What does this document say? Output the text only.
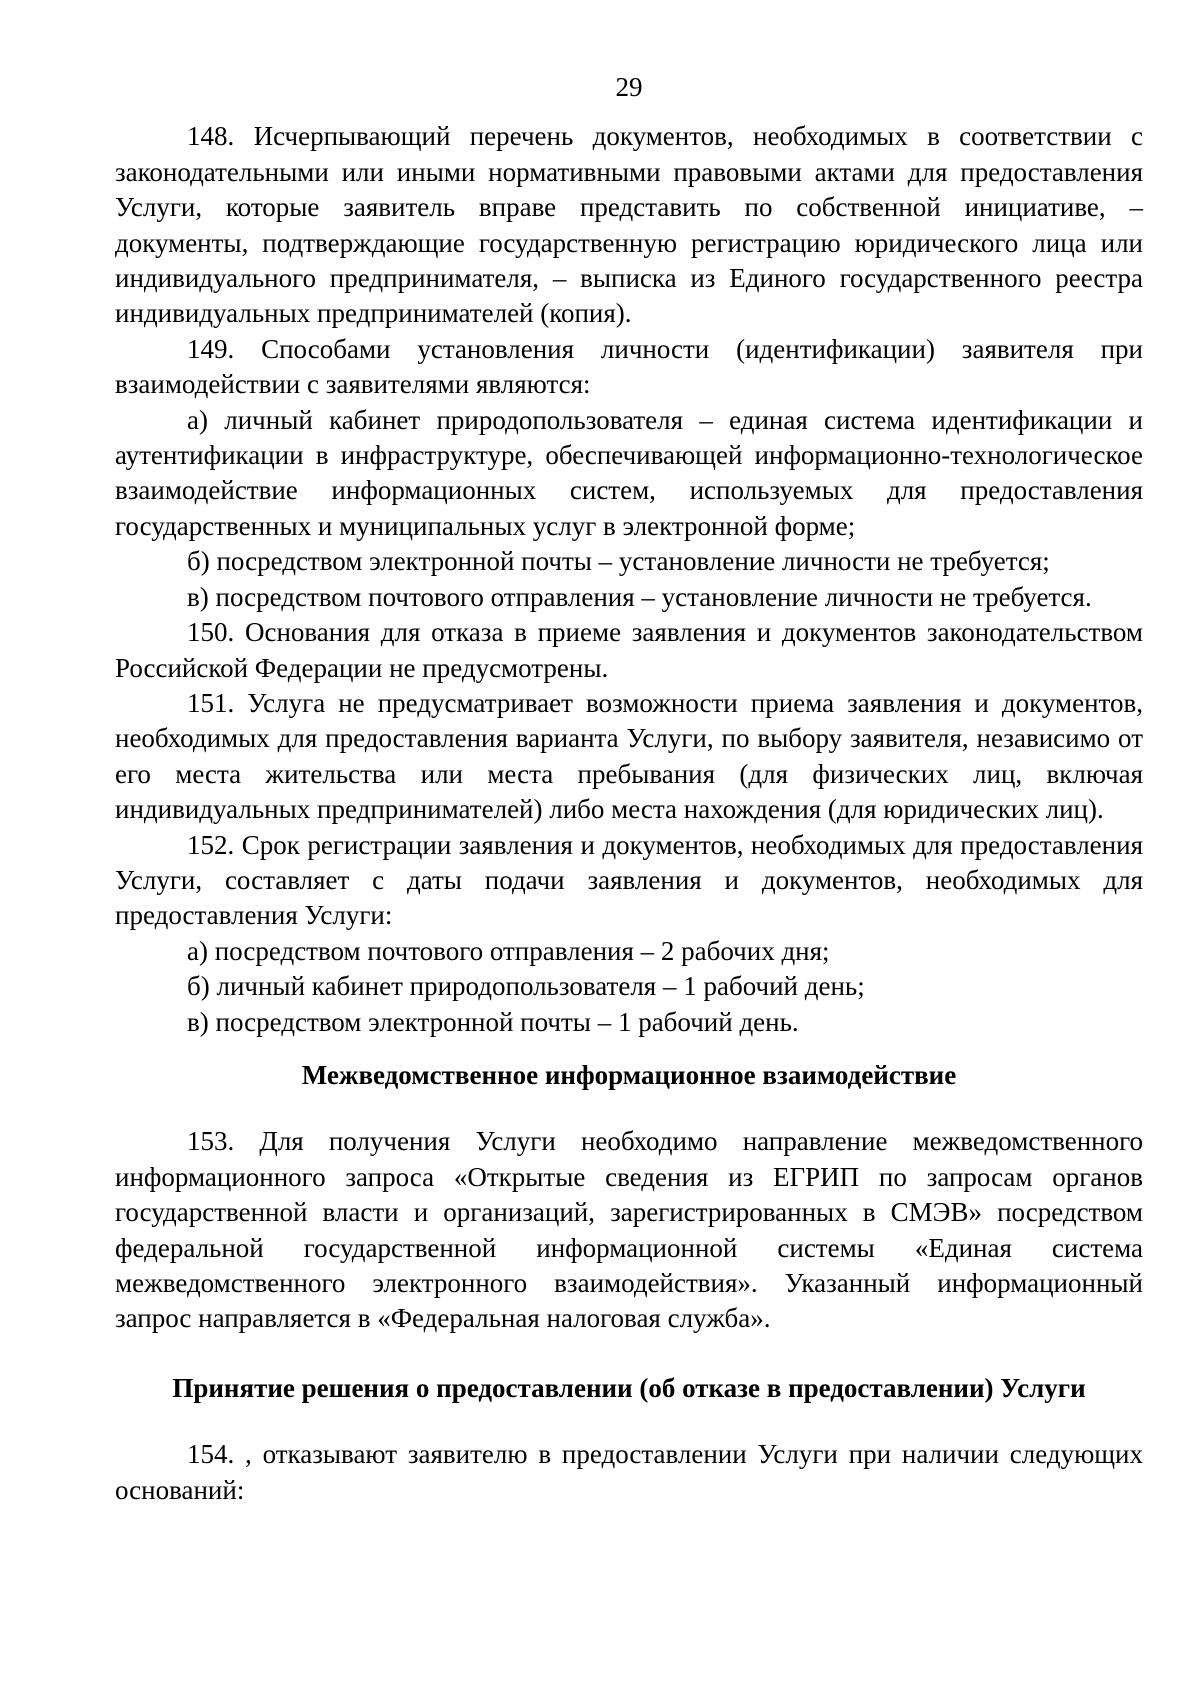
29

148. Исчерпывающий перечень документов, необходимых в соответствии с законодательными или иными нормативными правовыми актами для предоставления Услуги, которые заявитель вправе представить по собственной инициативе, – документы, подтверждающие государственную регистрацию юридического лица или индивидуального предпринимателя, – выписка из Единого государственного реестра индивидуальных предпринимателей (копия).

149. Способами установления личности (идентификации) заявителя при взаимодействии с заявителями являются:

а) личный кабинет природопользователя – единая система идентификации и аутентификации в инфраструктуре, обеспечивающей информационно-технологическое взаимодействие информационных систем, используемых для предоставления государственных и муниципальных услуг в электронной форме;

б) посредством электронной почты – установление личности не требуется;

в) посредством почтового отправления – установление личности не требуется.

150. Основания для отказа в приеме заявления и документов законодательством Российской Федерации не предусмотрены.

151. Услуга не предусматривает возможности приема заявления и документов, необходимых для предоставления варианта Услуги, по выбору заявителя, независимо от его места жительства или места пребывания (для физических лиц, включая индивидуальных предпринимателей) либо места нахождения (для юридических лиц).

152. Срок регистрации заявления и документов, необходимых для предоставления Услуги, составляет с даты подачи заявления и документов, необходимых для предоставления Услуги:

а) посредством почтового отправления – 2 рабочих дня;

б) личный кабинет природопользователя – 1 рабочий день;

в) посредством электронной почты – 1 рабочий день.

Межведомственное информационное взаимодействие

153. Для получения Услуги необходимо направление межведомственного информационного запроса «Открытые сведения из ЕГРИП по запросам органов государственной власти и организаций, зарегистрированных в СМЭВ» посредством федеральной государственной информационной системы «Единая система межведомственного электронного взаимодействия». Указанный информационный запрос направляется в «Федеральная налоговая служба».

Принятие решения о предоставлении (об отказе в предоставлении) Услуги

154. , отказывают заявителю в предоставлении Услуги при наличии следующих оснований:
